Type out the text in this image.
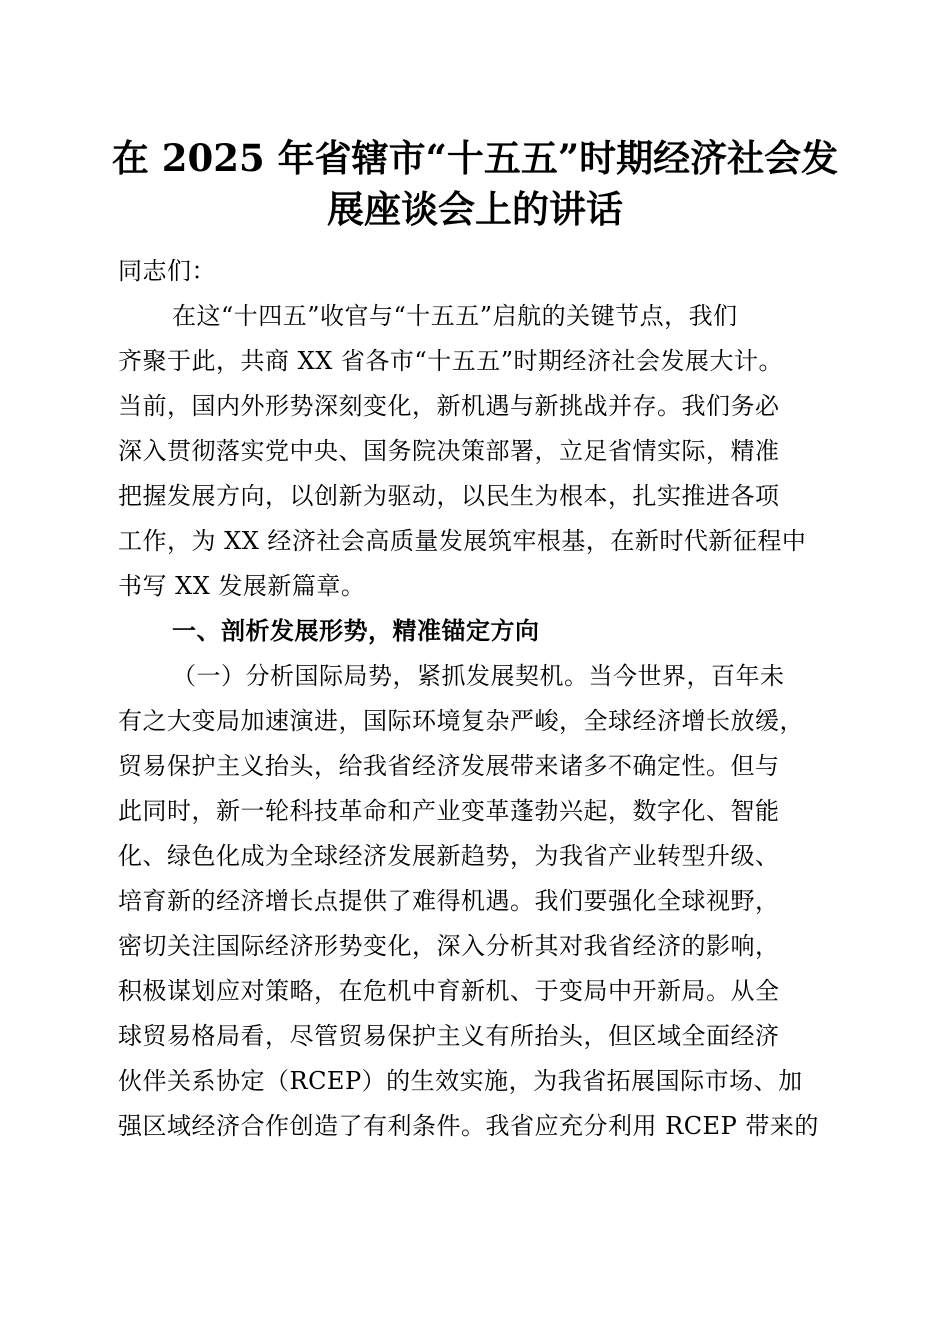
在 2025 年省辖市“十五五”时期经济社会发
展座谈会上的讲话
同志们：
在这“十四五”收官与“十五五”启航的关键节点，我们
齐聚于此，共商 XX 省各市“十五五”时期经济社会发展大计。
当前，国内外形势深刻变化，新机遇与新挑战并存。我们务必
深入贯彻落实党中央、国务院决策部署，立足省情实际，精准
把握发展方向，以创新为驱动，以民生为根本，扎实推进各项
工作，为 XX 经济社会高质量发展筑牢根基，在新时代新征程中
书写 XX 发展新篇章。
一、剖析发展形势，精准锚定方向
（一）分析国际局势，紧抓发展契机。当今世界，百年未
有之大变局加速演进，国际环境复杂严峻，全球经济增长放缓，
贸易保护主义抬头，给我省经济发展带来诸多不确定性。但与
此同时，新一轮科技革命和产业变革蓬勃兴起，数字化、智能
化、绿色化成为全球经济发展新趋势，为我省产业转型升级、
培育新的经济增长点提供了难得机遇。我们要强化全球视野，
密切关注国际经济形势变化，深入分析其对我省经济的影响，
积极谋划应对策略，在危机中育新机、于变局中开新局。从全
球贸易格局看，尽管贸易保护主义有所抬头，但区域全面经济
伙伴关系协定（RCEP）的生效实施，为我省拓展国际市场、加
强区域经济合作创造了有利条件。我省应充分利用 RCEP 带来的
